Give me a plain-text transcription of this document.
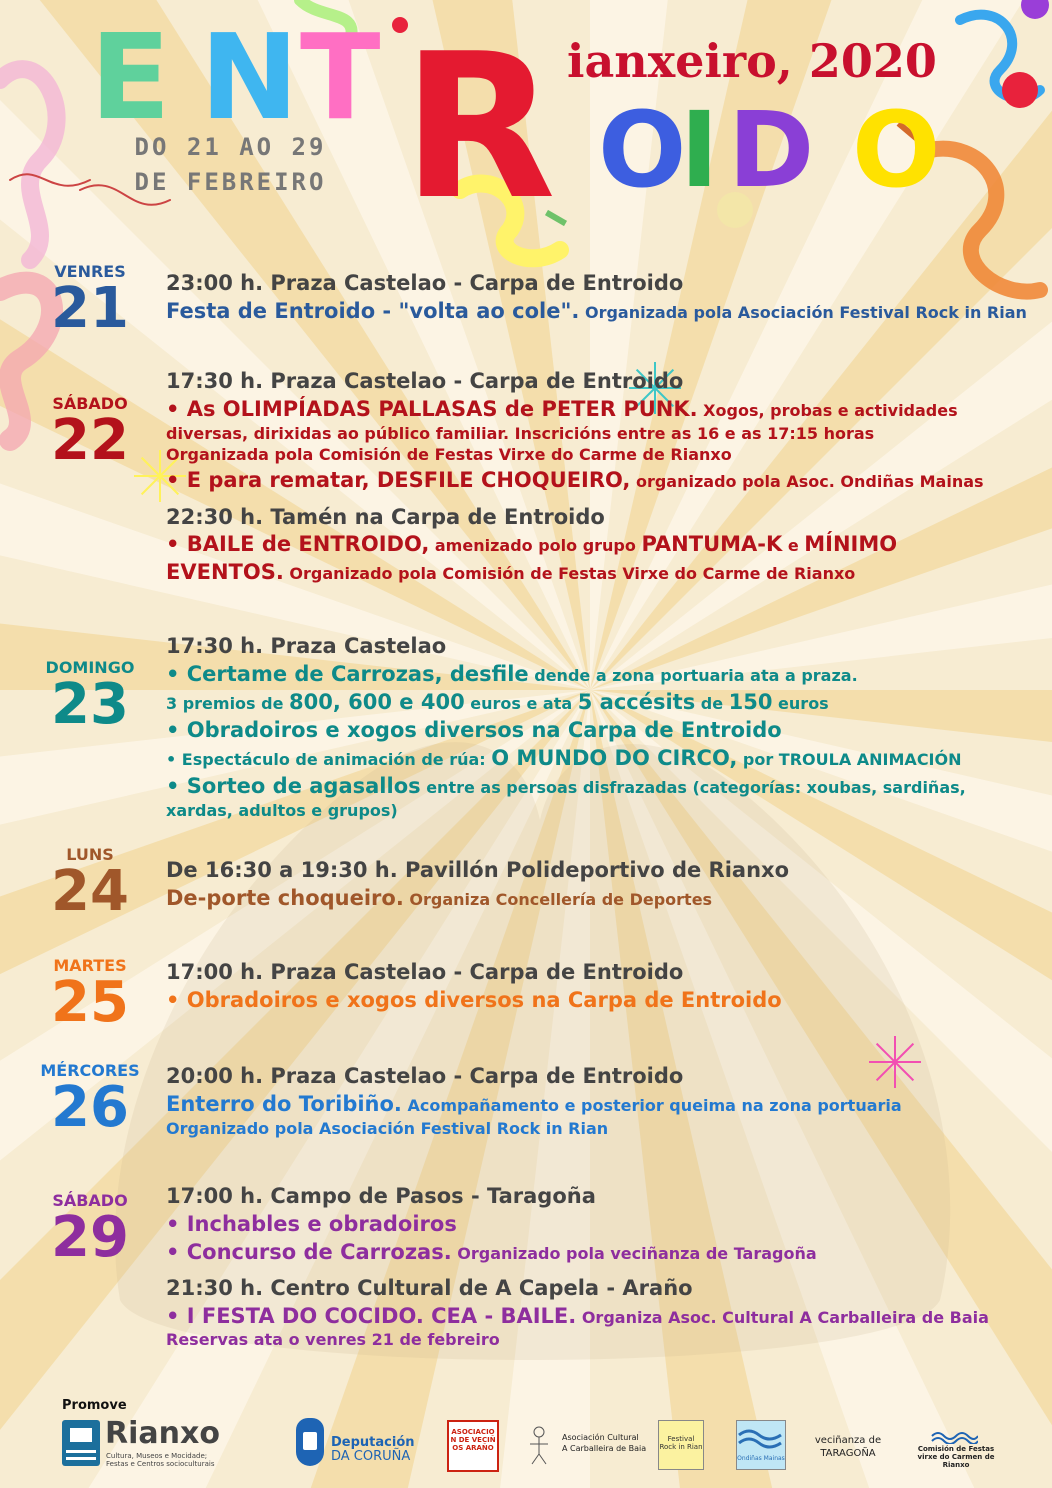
E N T R O
I D O
ianxeiro, 2020
DO 21 AO 29
DE FEBREIRO
VENRES
21
SÁBADO
22
DOMINGO
23
LUNS
24
MARTES
25
MÉRCORES
26
SÁBADO
29
23:00 h. Praza Castelao - Carpa de Entroido
Festa de Entroido - "volta ao cole". Organizada pola Asociación Festival Rock in Rian
17:30 h. Praza Castelao - Carpa de Entroido
• As OLIMPÍADAS PALLASAS de PETER PUNK. Xogos, probas e actividades
diversas, dirixidas ao público familiar. Inscricións entre as 16 e as 17:15 horas
Organizada pola Comisión de Festas Virxe do Carme de Rianxo
• E para rematar, DESFILE CHOQUEIRO, organizado pola Asoc. Ondiñas Mainas
22:30 h. Tamén na Carpa de Entroido
• BAILE de ENTROIDO, amenizado polo grupo PANTUMA-K e MÍNIMO
EVENTOS. Organizado pola Comisión de Festas Virxe do Carme de Rianxo
17:30 h. Praza Castelao
• Certame de Carrozas, desfile dende a zona portuaria ata a praza.
3 premios de 800, 600 e 400 euros e ata 5 accésits de 150 euros
• Obradoiros e xogos diversos na Carpa de Entroido
• Espectáculo de animación de rúa: O MUNDO DO CIRCO, por TROULA ANIMACIÓN
• Sorteo de agasallos entre as persoas disfrazadas (categorías: xoubas, sardiñas,
xardas, adultos e grupos)
De 16:30 a 19:30 h. Pavillón Polideportivo de Rianxo
De-porte choqueiro. Organiza Concellería de Deportes
17:00 h. Praza Castelao - Carpa de Entroido
• Obradoiros e xogos diversos na Carpa de Entroido
20:00 h. Praza Castelao - Carpa de Entroido
Enterro do Toribiño. Acompañamento e posterior queima na zona portuaria
Organizado pola Asociación Festival Rock in Rian
17:00 h. Campo de Pasos - Taragoña
• Inchables e obradoiros
• Concurso de Carrozas. Organizado pola veciñanza de Taragoña
21:30 h. Centro Cultural de A Capela - Araño
• I FESTA DO COCIDO. CEA - BAILE. Organiza Asoc. Cultural A Carballeira de Baia
Reservas ata o venres 21 de febreiro
Promove
Rianxo
Cultura, Museos e Mocidade;
Festas e Centros socioculturais
Deputación
DA CORUÑA
ASOCIACION DE VECIÑOS ARAÑO
Asociación Cultural
A Carballeira de Baia
Festival Rock in Rian
Ondiñas Mainas
veciñanza de
TARAGOÑA	Comisión de Festas
virxe do Carmen de Rianxo
